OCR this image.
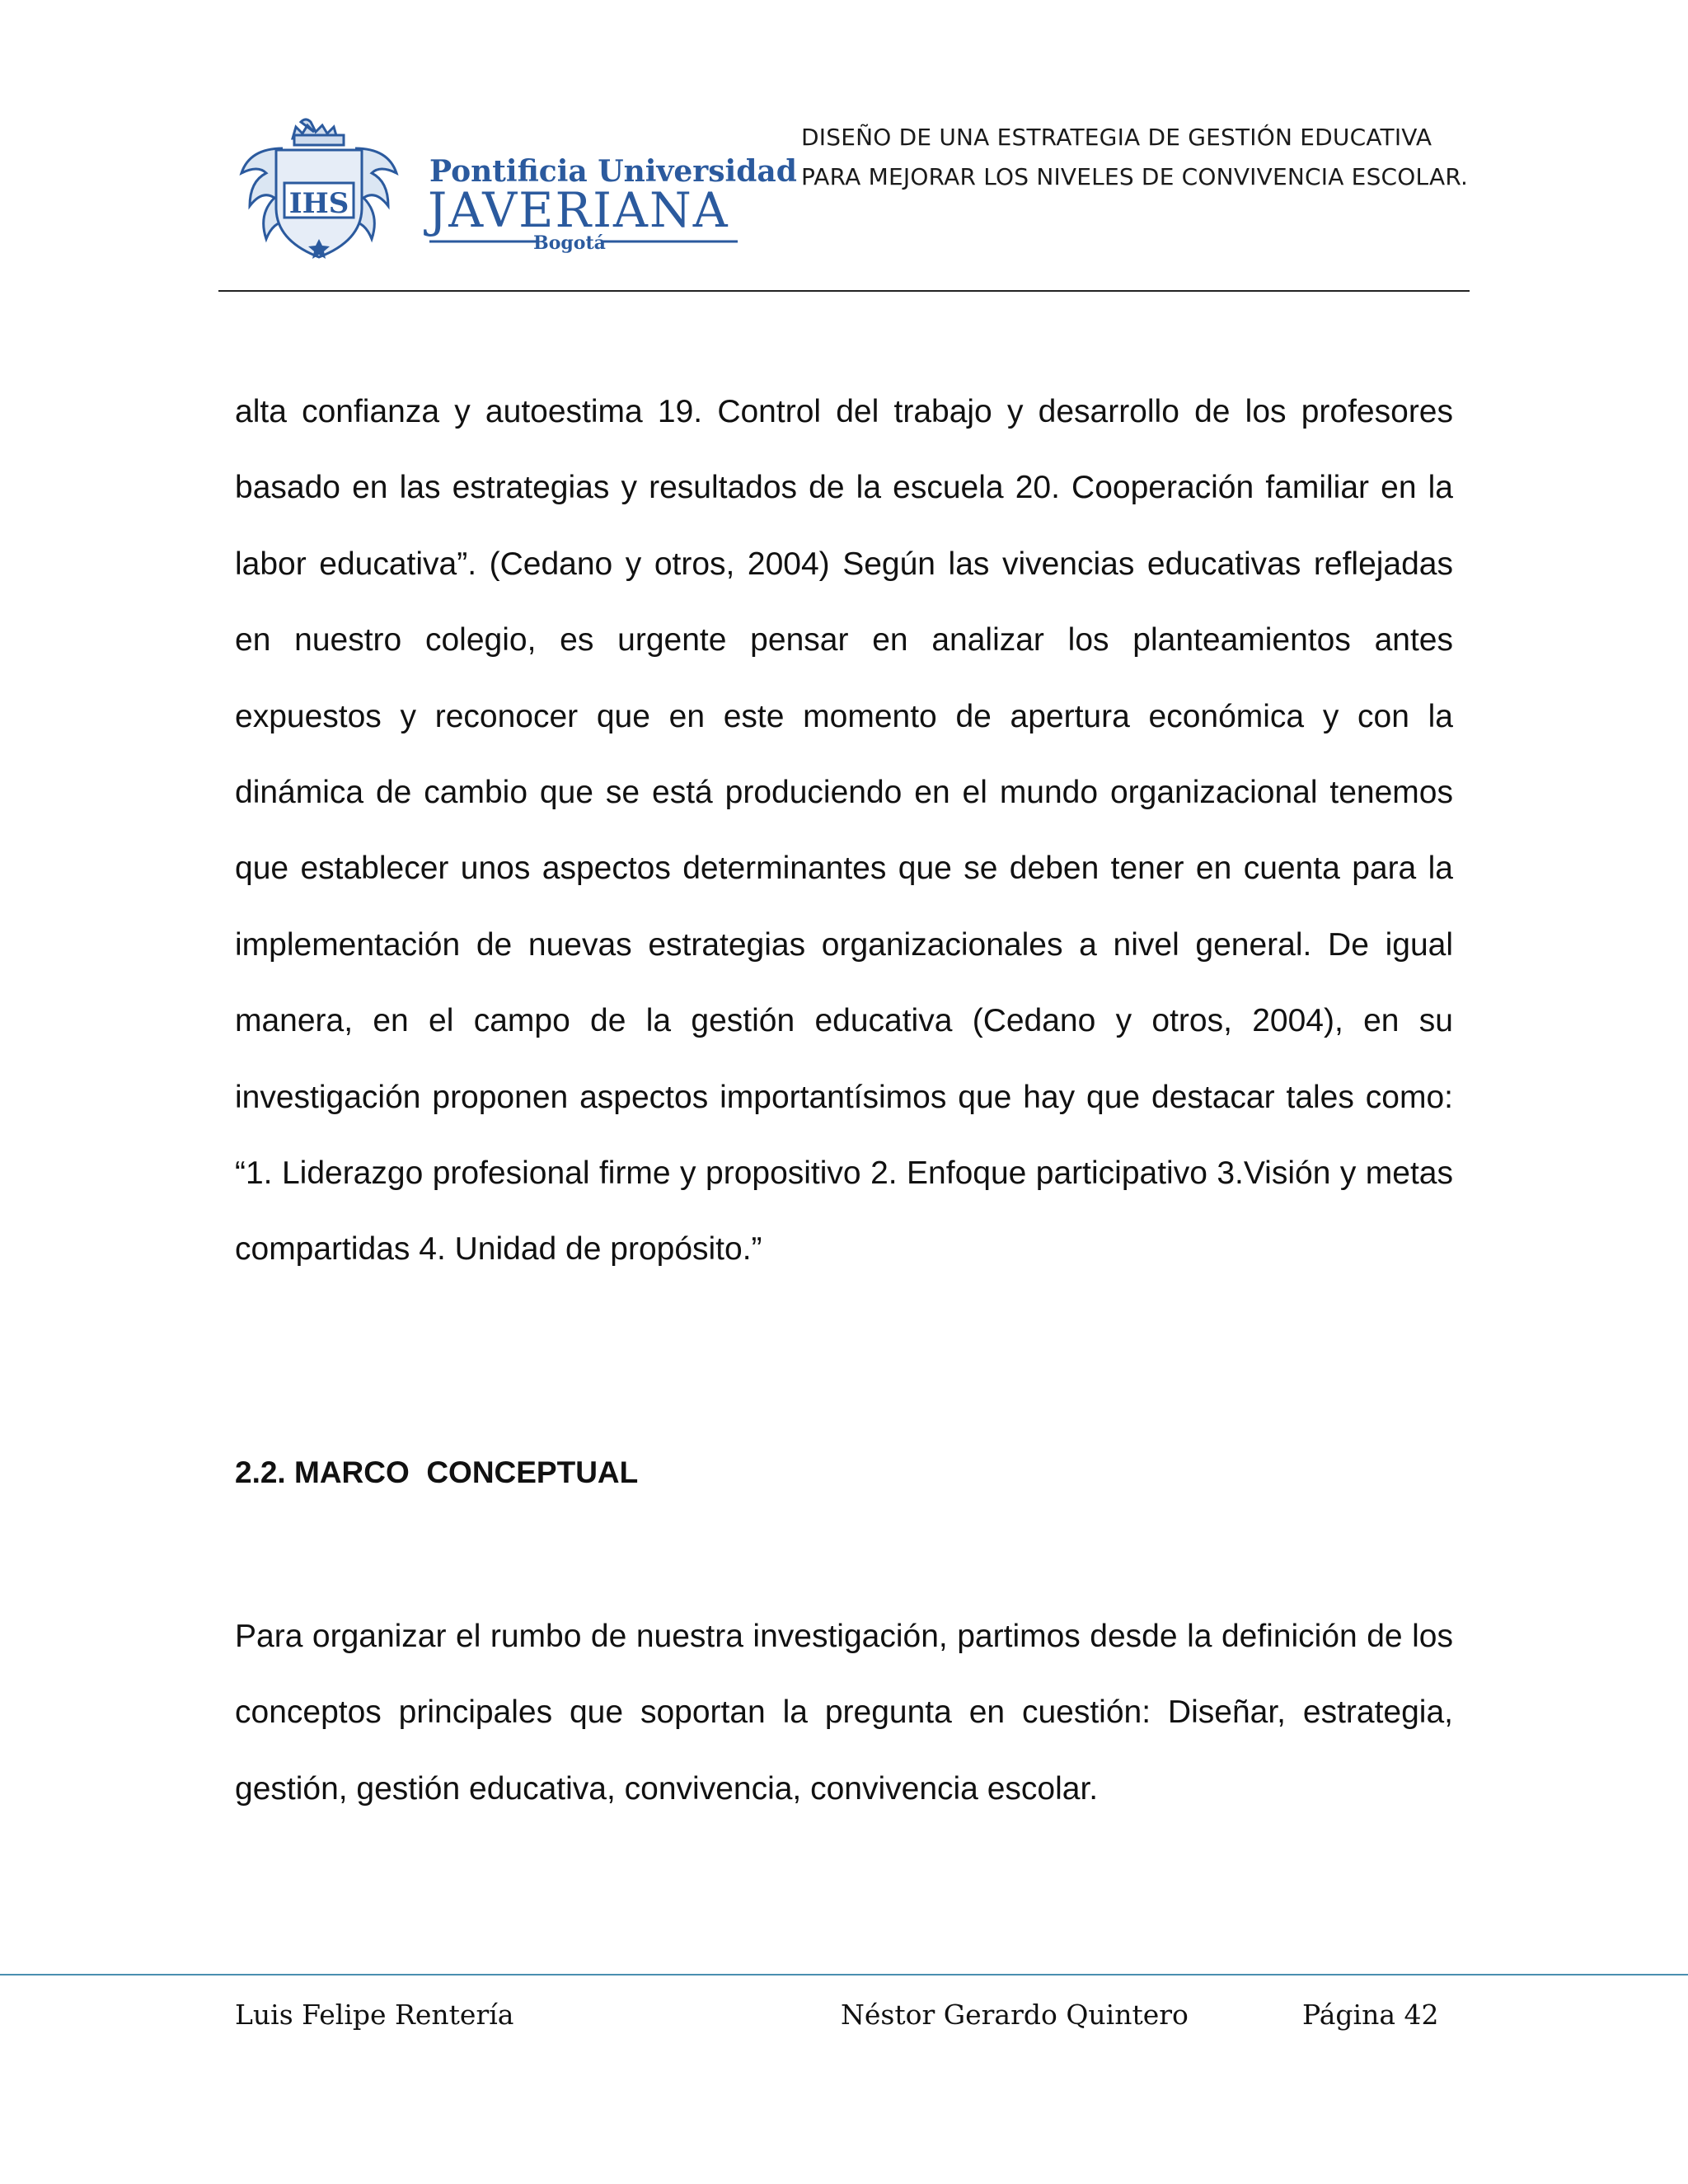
IHS
Pontificia Universidad
JAVERIANA
Bogotá
DISEÑO DE UNA ESTRATEGIA DE GESTIÓN EDUCATIVA
PARA MEJORAR LOS NIVELES DE CONVIVENCIA ESCOLAR.

alta confianza y autoestima 19. Control del trabajo y desarrollo de los profesores basado en las estrategias y resultados de la escuela 20. Cooperación familiar en la labor educativa”. (Cedano y otros, 2004) Según las vivencias educativas reflejadas en nuestro colegio, es urgente pensar en analizar los planteamientos antes expuestos y reconocer que en este momento de apertura económica y con la dinámica de cambio que se está produciendo en el mundo organizacional tenemos que establecer unos aspectos determinantes que se deben tener en cuenta para la implementación de nuevas estrategias organizacionales a nivel general. De igual manera, en el campo de la gestión educativa (Cedano y otros, 2004), en su investigación proponen aspectos importantísimos que hay que destacar tales como: “1. Liderazgo profesional firme y propositivo 2. Enfoque participativo 3.Visión y metas compartidas 4. Unidad de propósito.”

2.2. MARCO  CONCEPTUAL

Para organizar el rumbo de nuestra investigación, partimos desde la definición de los conceptos principales que soportan la pregunta en cuestión: Diseñar, estrategia, gestión, gestión educativa, convivencia, convivencia escolar.

Luis Felipe Rentería	Néstor Gerardo Quintero	Página 42
